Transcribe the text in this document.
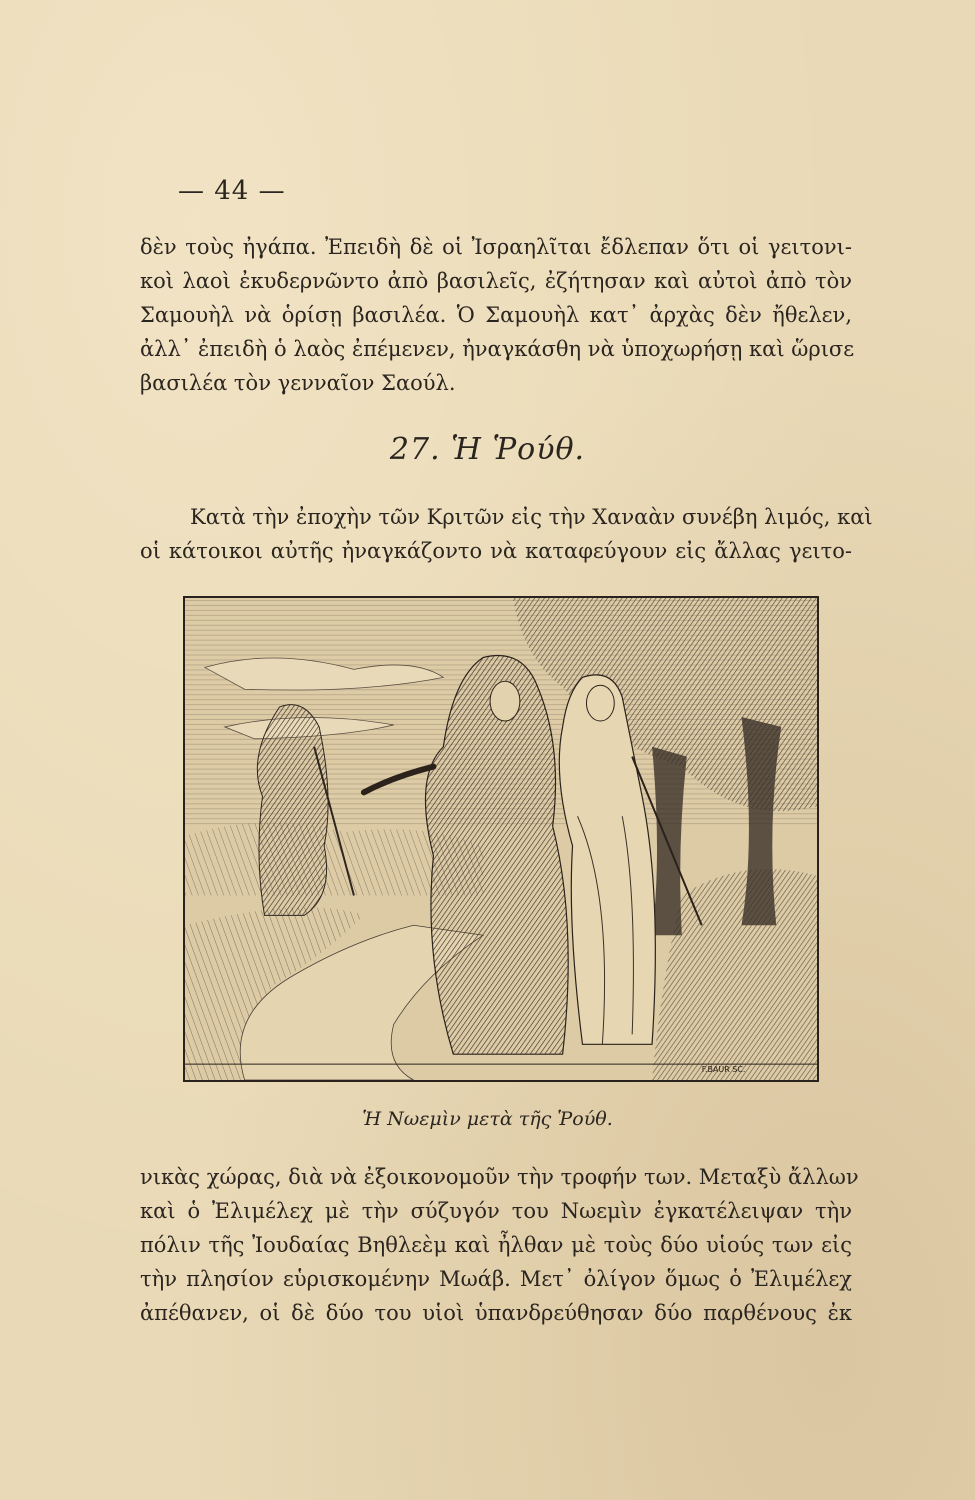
— 44 —

δὲν τοὺς ἠγάπα. Ἐπειδὴ δὲ οἱ Ἰσραηλῖται ἔδλεπαν ὅτι οἱ γειτονι-
κοὶ λαοὶ ἐκυδερνῶντο ἀπὸ βασιλεῖς, ἐζήτησαν καὶ αὐτοὶ ἀπὸ τὸν
Σαμουὴλ νὰ ὁρίσῃ βασιλέα. Ὁ Σαμουὴλ κατ᾽ ἀρχὰς δὲν ἤθελεν,
ἀλλ᾽ ἐπειδὴ ὁ λαὸς ἐπέμενεν, ἠναγκάσθη νὰ ὑποχωρήσῃ καὶ ὥρισε
βασιλέα τὸν γενναῖον Σαούλ.

27. Ἡ Ῥούθ.

Κατὰ τὴν ἐποχὴν τῶν Κριτῶν εἰς τὴν Χαναὰν συνέβη λιμός, καὶ
οἱ κάτοικοι αὐτῆς ἠναγκάζοντο νὰ καταφεύγουν εἰς ἄλλας γειτο-

F.BAUR SC.
Ἡ Νωεμὶν μετὰ τῆς Ῥούθ.

νικὰς χώρας, διὰ νὰ ἐξοικονομοῦν τὴν τροφήν των. Μεταξὺ ἄλλων
καὶ ὁ Ἐλιμέλεχ μὲ τὴν σύζυγόν του Νωεμὶν ἐγκατέλειψαν τὴν
πόλιν τῆς Ἰουδαίας Βηθλεὲμ καὶ ἦλθαν μὲ τοὺς δύο υἱούς των εἰς
τὴν πλησίον εὑρισκομένην Μωάβ. Μετ᾽ ὀλίγον ὅμως ὁ Ἐλιμέλεχ
ἀπέθανεν, οἱ δὲ δύο του υἱοὶ ὑπανδρεύθησαν δύο παρθένους ἐκ
